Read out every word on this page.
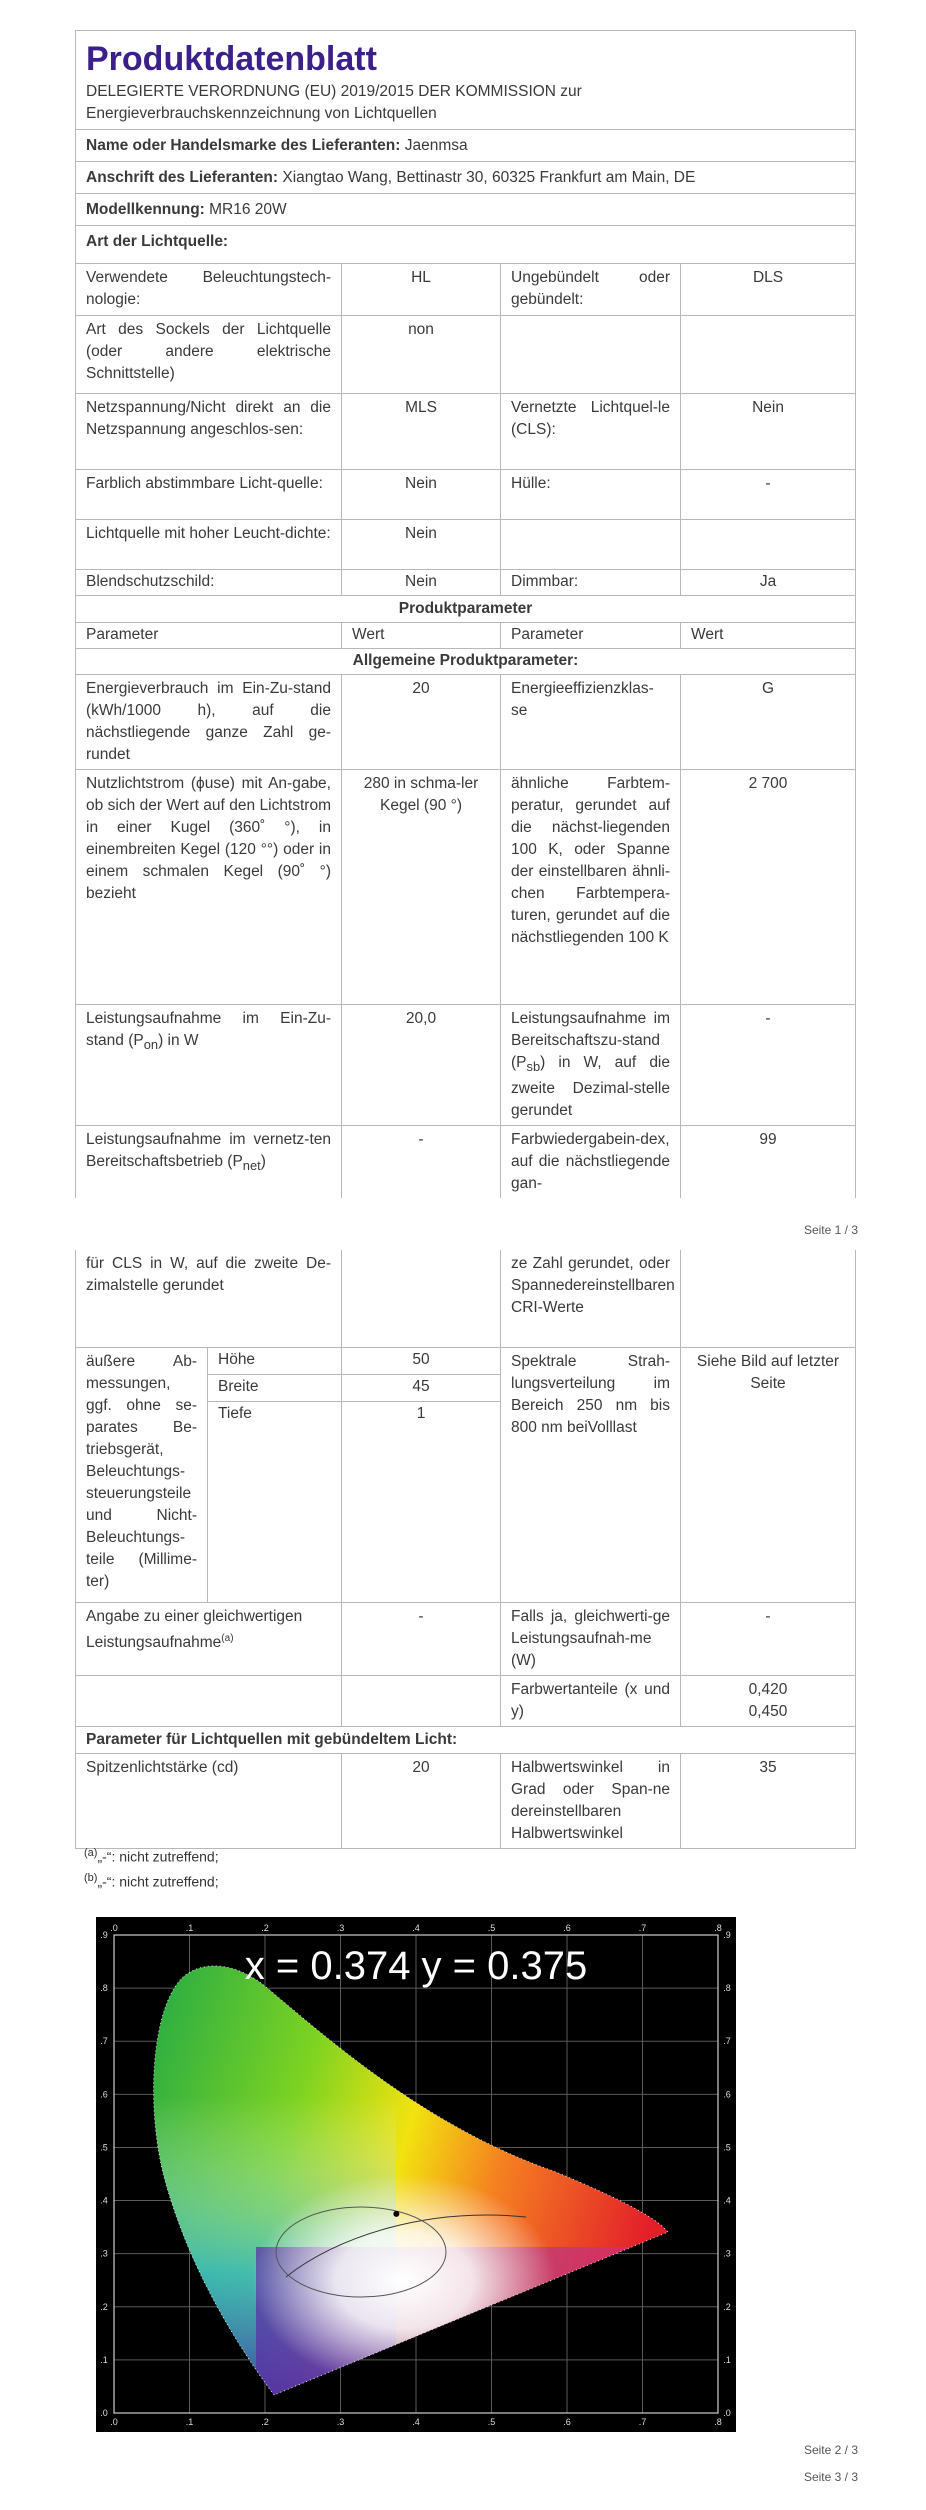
Produktdatenblatt
DELEGIERTE VERORDNUNG (EU) 2019/2015 DER KOMMISSION zur
Energieverbrauchskennzeichnung von Lichtquellen			

Name oder Handelsmarke des Lieferanten: Jaenmsa			
Anschrift des Lieferanten: Xiangtao Wang, Bettinastr 30, 60325 Frankfurt am Main, DE			
Modellkennung: MR16 20W			
Art der Lichtquelle:			
Verwendete Beleuchtungstech-nologie:	HL	Ungebündelt oder gebündelt:	DLS
Art des Sockels der Lichtquelle (oder andere elektrische Schnittstelle)	non		
Netzspannung/Nicht direkt an die Netzspannung angeschlos-sen:	MLS	Vernetzte Lichtquel-le (CLS):	Nein
Farblich abstimmbare Licht-quelle:	Nein	Hülle:	-
Lichtquelle mit hoher Leucht-dichte:	Nein		
Blendschutzschild:	Nein	Dimmbar:	Ja
Produktparameter			
Parameter	Wert	Parameter	Wert
Allgemeine Produktparameter:			
Energieverbrauch im Ein-Zu-stand (kWh/1000 h), auf die nächstliegende ganze Zahl ge-rundet	20	Energieeffizienzklas-se	G
Nutzlichtstrom (ϕuse) mit An-gabe, ob sich der Wert auf den Lichtstrom in einer Kugel (360˚ °), in einembreiten Kegel (120 °°) oder in einem schmalen Kegel (90˚ °) bezieht	280 in schma-ler Kegel (90 °)	ähnliche Farbtem-peratur, gerundet auf die nächst-liegenden 100 K, oder Spanne der einstellbaren ähnli-chen Farbtempera-turen, gerundet auf die nächstliegenden 100 K	2 700
Leistungsaufnahme im Ein-Zu-stand $(P_{on})$ in W	20,0	Leistungsaufnahme im Bereitschaftszu-stand $(P_{sb})$ in W, auf die zweite Dezimal-stelle gerundet	-
Leistungsaufnahme im vernetz-ten Bereitschaftsbetrieb $(P_{net})$	-	Farbwiedergabein-dex, auf die nächstliegende gan-	99
Seite 1 / 3
für CLS in W, auf die zweite De-zimalstelle gerundet			ze Zahl gerundet, oder Spannedereinstellbaren CRI-Werte	
äußere Ab-messungen, ggf. ohne se-parates Be-triebsgerät, Beleuchtungs-steuerungsteile und Nicht-Beleuchtungs-teile (Millime-ter)	Höhe	50	Spektrale Strah-lungsverteilung im Bereich 250 nm bis 800 nm beiVolllast	Siehe Bild auf letzter Seite
	Breite	45		
	Tiefe	1		

Angabe zu einer gleichwertigen Leistungsaufnahme$^{(a)}$		-	Falls ja, gleichwerti-ge Leistungsaufnah-me (W)	-
			Farbwertanteile (x und y)	0,420
0,450

Parameter für Lichtquellen mit gebündeltem Licht:				
Spitzenlichtstärke (cd)		20	Halbwertswinkel in Grad oder Span-ne dereinstellbaren Halbwertswinkel	35
$^{(a)}$„-“: nicht zutreffend;
$^{(b)}$„-“: nicht zutreffend;
x = 0.374 y = 0.375
.0
.0
.1
.1
.2
.2
.3
.3
.4
.4
.5
.5
.6
.6
.7
.7
.8
.8
.9	.9
.8	.8
.7	.7
.6	.6
.5	.5
.4	.4
.3	.3
.2	.2
.1	.1
.0	.0
Seite 2 / 3
Seite 3 / 3
